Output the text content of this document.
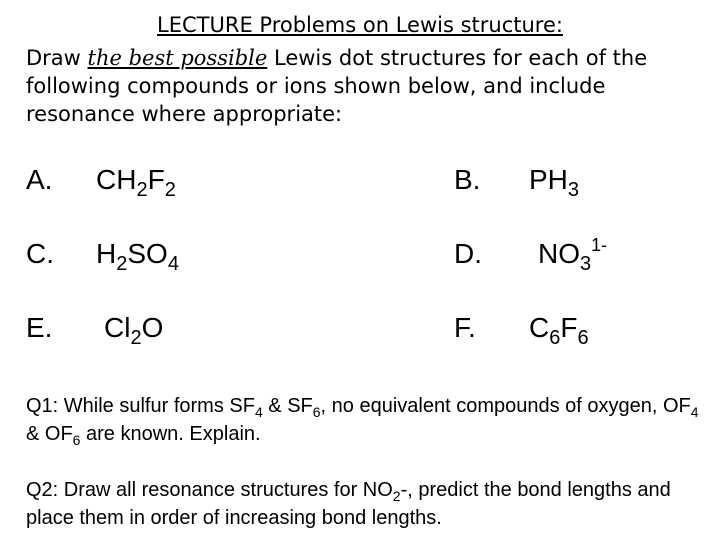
LECTURE Problems on Lewis structure:
Draw the best possible Lewis dot structures for each of the following compounds or ions shown below, and include resonance where appropriate:
A. $CH_2F_2$	B. $PH_3$
C. $H_2SO_4$	D. $NO_3^{1-}$
E. $Cl_2O$	F. $C_6F_6$
Q1: While sulfur forms $SF_4$ & $SF_6$, no equivalent compounds of oxygen, $OF_4$ & $OF_6$ are known. Explain.
Q2: Draw all resonance structures for $NO_2-$, predict the bond lengths and place them in order of increasing bond lengths.
